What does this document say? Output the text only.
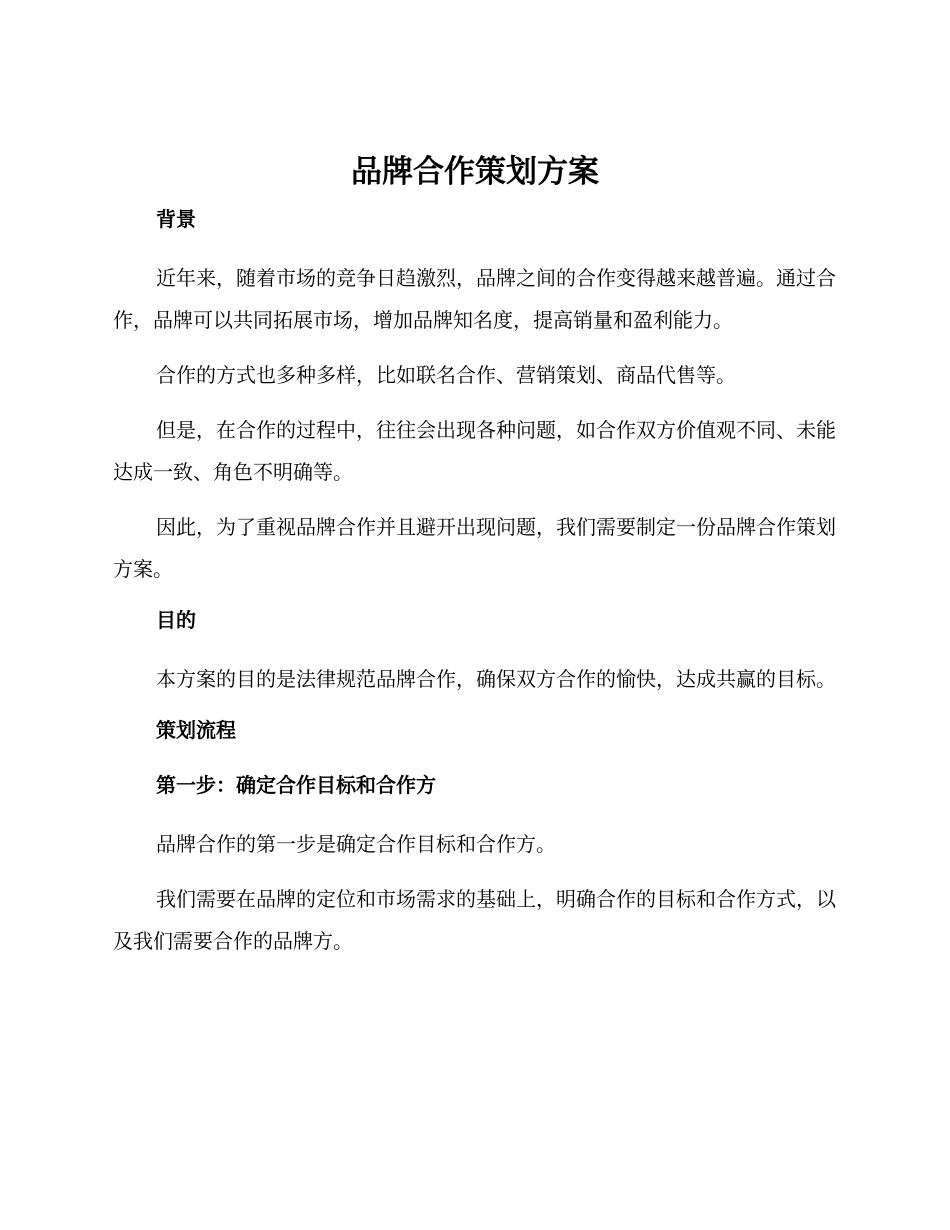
品牌合作策划方案
背景

近年来，随着市场的竞争日趋激烈，品牌之间的合作变得越来越普遍。通过合作，品牌可以共同拓展市场，增加品牌知名度，提高销量和盈利能力。

合作的方式也多种多样，比如联名合作、营销策划、商品代售等。

但是，在合作的过程中，往往会出现各种问题，如合作双方价值观不同、未能达成一致、角色不明确等。

因此，为了重视品牌合作并且避开出现问题，我们需要制定一份品牌合作策划方案。

目的

本方案的目的是法律规范品牌合作，确保双方合作的愉快，达成共赢的目标。

策划流程
第一步：确定合作目标和合作方

品牌合作的第一步是确定合作目标和合作方。

我们需要在品牌的定位和市场需求的基础上，明确合作的目标和合作方式，以及我们需要合作的品牌方。
